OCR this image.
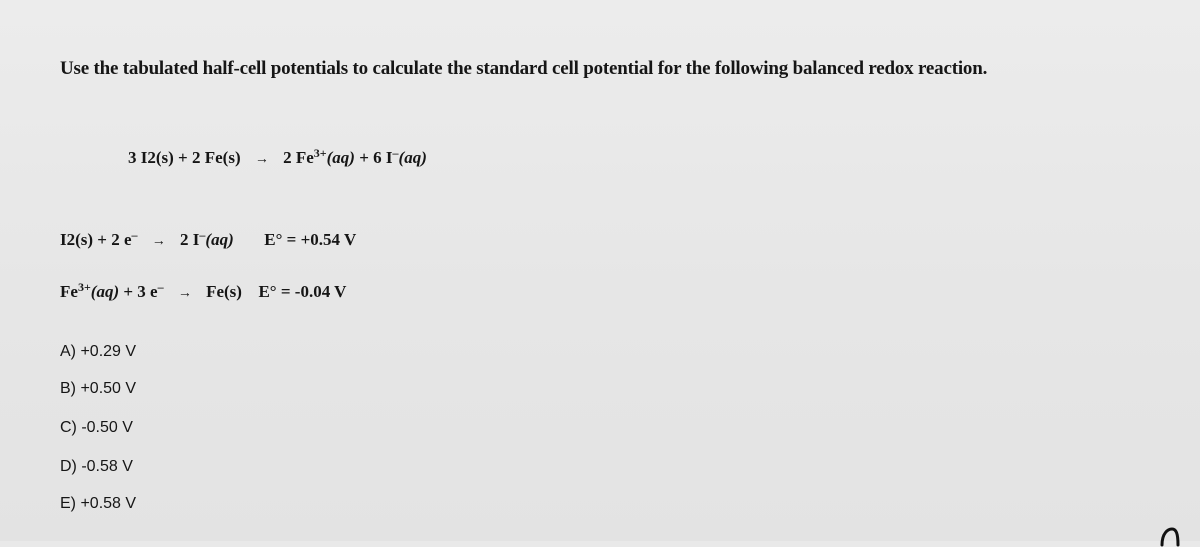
Use the tabulated half-cell potentials to calculate the standard cell potential for the following balanced redox reaction.
3 I2(s) + 2 Fe(s) → 2 $Fe^{3+}(aq) + 6$ I–(aq)
I2(s) + 2 e– → 2 I–(aq) E° = +0.54 V
$Fe^{3+}(aq) + 3$ e– → Fe(s) E° = -0.04 V
A) +0.29 V
B) +0.50 V
C) -0.50 V
D) -0.58 V
E) +0.58 V
